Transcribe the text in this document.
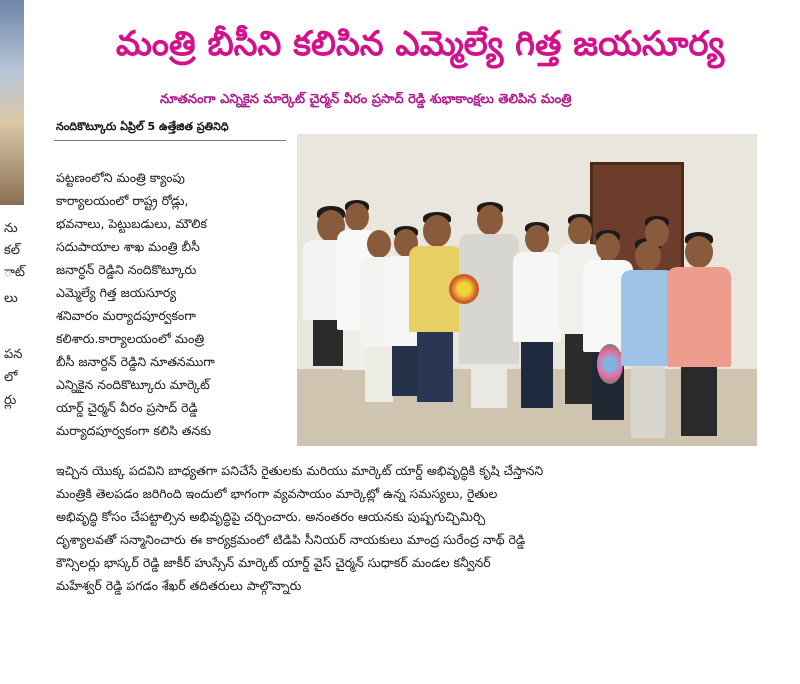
ను
కల్
ాట్
లు
పన
లో
ర్లు
మంత్రి బీసీని కలిసిన ఎమ్మెల్యే గిత్త జయసూర్య
నూతనంగా ఎన్నికైన మార్కెట్ చైర్మన్ వీరం ప్రసాద్ రెడ్డి శుభాకాంక్షలు తెలిపిన మంత్రి
నందికొట్కూరు ఏప్రిల్ 5 ఉత్తేజిత ప్రతినిధి
పట్టణంలోని మంత్రి క్యాంపు
కార్యాలయంలో రాష్ట్ర రోడ్లు,
భవనాలు, పెట్టుబడులు, మౌలిక
సదుపాయాల శాఖ మంత్రి బీసీ
జనార్ధన్ రెడ్డిని నందికొట్కూరు
ఎమ్మెల్యే గిత్త జయసూర్య
శనివారం మర్యాదపూర్వకంగా
కలిశారు.కార్యాలయంలో మంత్రి
బీసీ జనార్దన్ రెడ్డిని నూతనముగా
ఎన్నికైన నందికొట్కూరు మార్కెట్
యార్డ్ చైర్మన్ వీరం ప్రసాద్ రెడ్డి
మర్యాదపూర్వకంగా కలిసి తనకు
ఇచ్చిన యొక్క పదవిని బాధ్యతగా పనిచేసే రైతులకు మరియు మార్కెట్ యార్డ్ అభివృద్ధికి కృషి చేస్తానని
మంత్రికి తెలపడం జరిగింది ఇందులో భాగంగా వ్యవసాయం మార్కెట్లో ఉన్న సమస్యలు, రైతుల
అభివృద్ధి కోసం చేపట్టాల్సిన అభివృద్ధిపై చర్చించారు. అనంతరం ఆయనకు పుష్పగుచ్చిమిర్చి
దృశ్యాలవతో సన్మానించారు ఈ కార్యక్రమంలో టిడిపి సీనియర్ నాయకులు మాంద్ర సురేంద్ర నాథ్ రెడ్డి
కౌన్సిలర్లు భాస్కర్ రెడ్డి జాకీర్ హుస్సేన్ మార్కెట్ యార్డ్ వైస్ చైర్మన్ సుధాకర్ మండల కన్వీనర్
మహేశ్వర్ రెడ్డి పగడం శేఖర్ తదితరులు పాల్గొన్నారు
